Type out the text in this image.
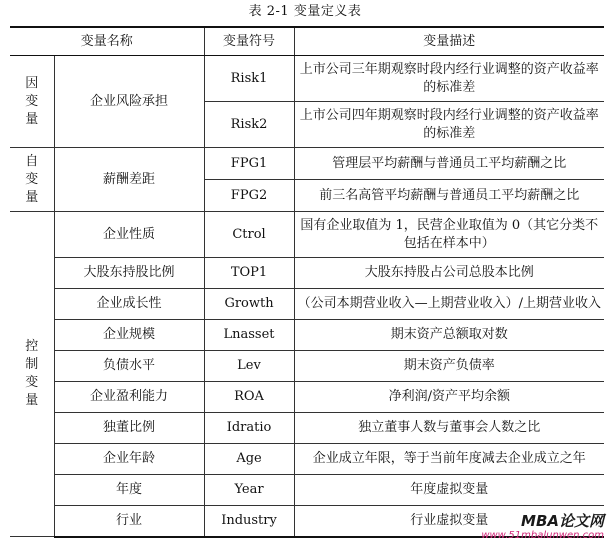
表 2-1 变量定义表
变量名称		变量符号	变量描述

因
变
量	企业风险承担	Risk1	上市公司三年期观察时段内经行业调整的资产收益率的标准差
		Risk2	上市公司四年期观察时段内经行业调整的资产收益率的标准差

自
变
量	薪酬差距	FPG1	管理层平均薪酬与普通员工平均薪酬之比
		FPG2	前三名高管平均薪酬与普通员工平均薪酬之比

控
制
变
量	企业性质	Ctrol	国有企业取值为 1，民营企业取值为 0（其它分类不包括在样本中）
	大股东持股比例	TOP1	大股东持股占公司总股本比例
	企业成长性	Growth	（公司本期营业收入—上期营业收入）/上期营业收入
	企业规模	Lnasset	期末资产总额取对数
	负债水平	Lev	期末资产负债率
	企业盈利能力	ROA	净利润/资产平均余额
	独董比例	Idratio	独立董事人数与董事会人数之比
	企业年龄	Age	企业成立年限，等于当前年度减去企业成立之年
	年度	Year	年度虚拟变量
	行业	Industry	行业虚拟变量	MBA论文网
www.51mbalunwen.com
